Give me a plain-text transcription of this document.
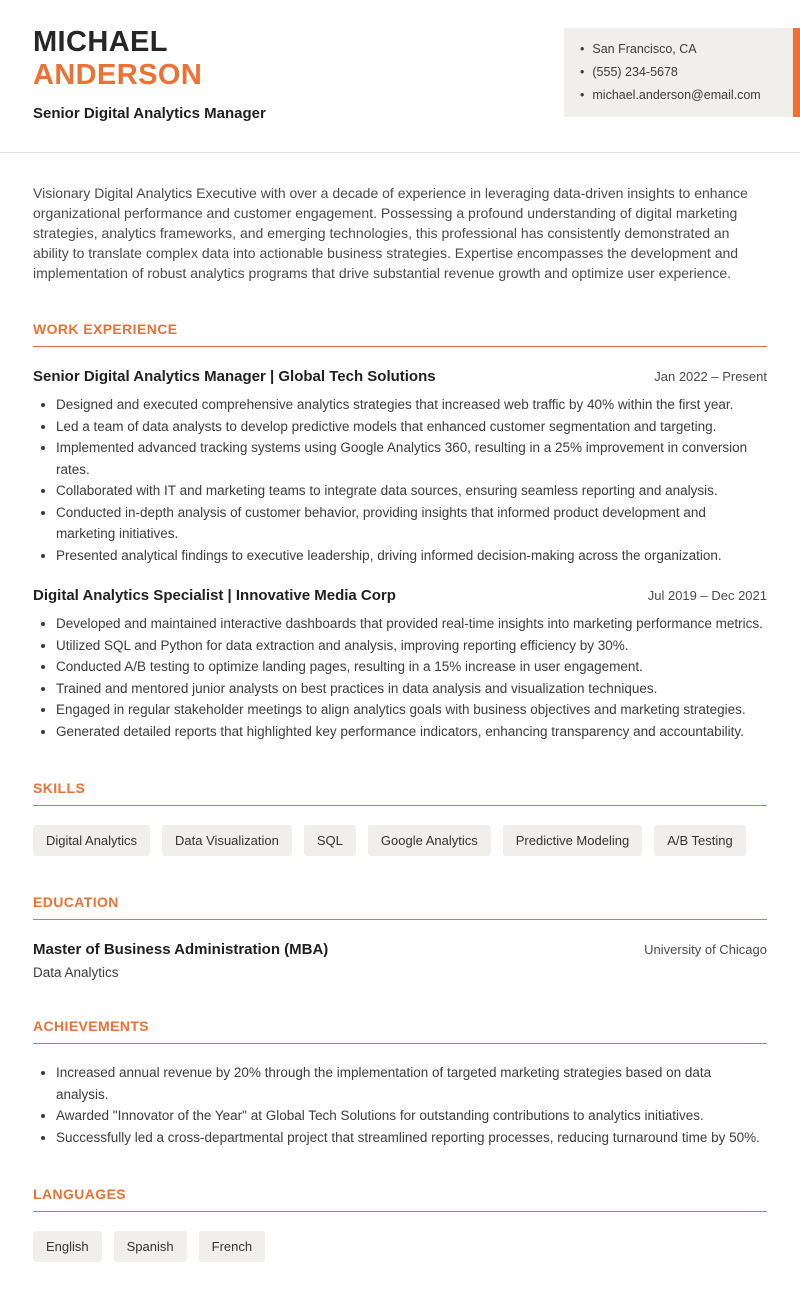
MICHAEL
ANDERSON
Senior Digital Analytics Manager
• San Francisco, CA
• (555) 234-5678
• michael.anderson@email.com

Visionary Digital Analytics Executive with over a decade of experience in leveraging data-driven insights to enhance organizational performance and customer engagement. Possessing a profound understanding of digital marketing strategies, analytics frameworks, and emerging technologies, this professional has consistently demonstrated an ability to translate complex data into actionable business strategies. Expertise encompasses the development and implementation of robust analytics programs that drive substantial revenue growth and optimize user experience.

WORK EXPERIENCE
Senior Digital Analytics Manager | Global Tech Solutions	Jan 2022 – Present
• Designed and executed comprehensive analytics strategies that increased web traffic by 40% within the first year.
• Led a team of data analysts to develop predictive models that enhanced customer segmentation and targeting.
• Implemented advanced tracking systems using Google Analytics 360, resulting in a 25% improvement in conversion rates.
• Collaborated with IT and marketing teams to integrate data sources, ensuring seamless reporting and analysis.
• Conducted in-depth analysis of customer behavior, providing insights that informed product development and marketing initiatives.
• Presented analytical findings to executive leadership, driving informed decision-making across the organization.
Digital Analytics Specialist | Innovative Media Corp	Jul 2019 – Dec 2021
• Developed and maintained interactive dashboards that provided real-time insights into marketing performance metrics.
• Utilized SQL and Python for data extraction and analysis, improving reporting efficiency by 30%.
• Conducted A/B testing to optimize landing pages, resulting in a 15% increase in user engagement.
• Trained and mentored junior analysts on best practices in data analysis and visualization techniques.
• Engaged in regular stakeholder meetings to align analytics goals with business objectives and marketing strategies.
• Generated detailed reports that highlighted key performance indicators, enhancing transparency and accountability.
SKILLS
Digital Analytics	Data Visualization	SQL	Google Analytics	Predictive Modeling	A/B Testing
EDUCATION
Master of Business Administration (MBA)	University of Chicago
Data Analytics
ACHIEVEMENTS
• Increased annual revenue by 20% through the implementation of targeted marketing strategies based on data analysis.
• Awarded "Innovator of the Year" at Global Tech Solutions for outstanding contributions to analytics initiatives.
• Successfully led a cross-departmental project that streamlined reporting processes, reducing turnaround time by 50%.
LANGUAGES
English	Spanish	French
